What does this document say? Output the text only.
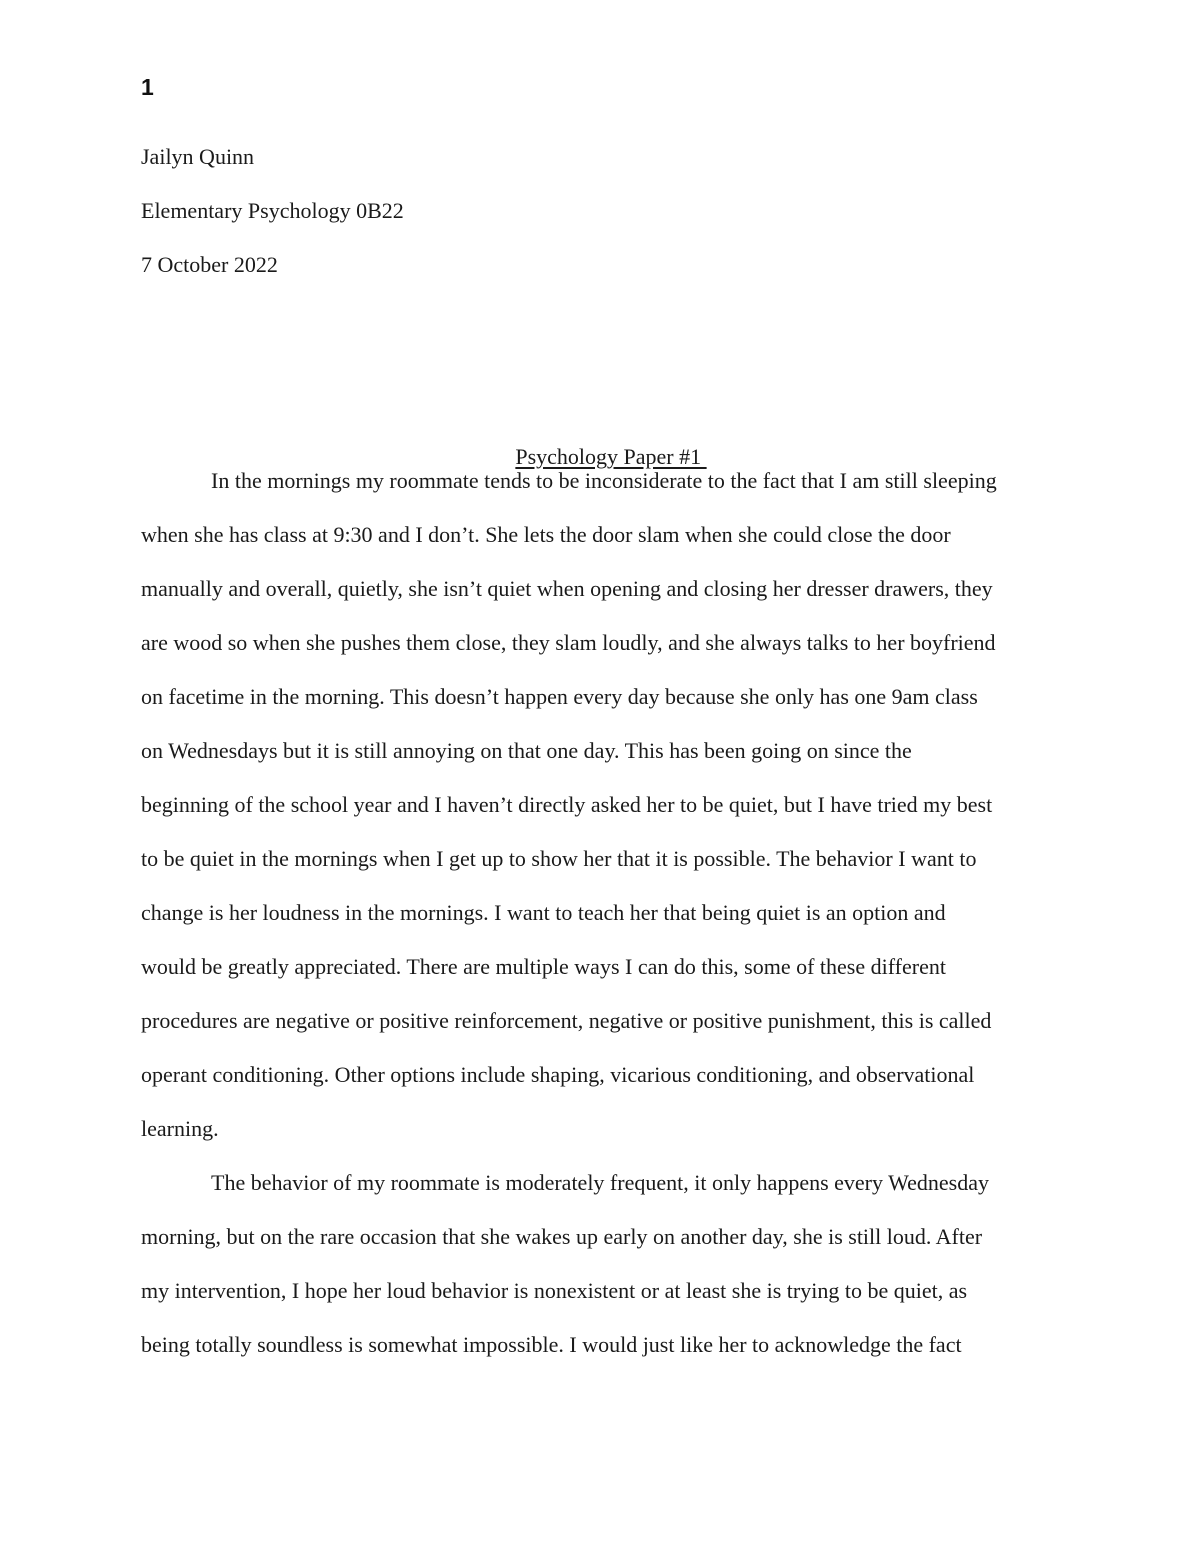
1
Jailyn Quinn
Elementary Psychology 0B22
7 October 2022

Psychology Paper #1

In the mornings my roommate tends to be inconsiderate to the fact that I am still sleeping
when she has class at 9:30 and I don’t. She lets the door slam when she could close the door
manually and overall, quietly, she isn’t quiet when opening and closing her dresser drawers, they
are wood so when she pushes them close, they slam loudly, and she always talks to her boyfriend
on facetime in the morning. This doesn’t happen every day because she only has one 9am class
on Wednesdays but it is still annoying on that one day. This has been going on since the
beginning of the school year and I haven’t directly asked her to be quiet, but I have tried my best
to be quiet in the mornings when I get up to show her that it is possible. The behavior I want to
change is her loudness in the mornings. I want to teach her that being quiet is an option and
would be greatly appreciated. There are multiple ways I can do this, some of these different
procedures are negative or positive reinforcement, negative or positive punishment, this is called
operant conditioning. Other options include shaping, vicarious conditioning, and observational
learning.
The behavior of my roommate is moderately frequent, it only happens every Wednesday
morning, but on the rare occasion that she wakes up early on another day, she is still loud. After
my intervention, I hope her loud behavior is nonexistent or at least she is trying to be quiet, as
being totally soundless is somewhat impossible. I would just like her to acknowledge the fact
